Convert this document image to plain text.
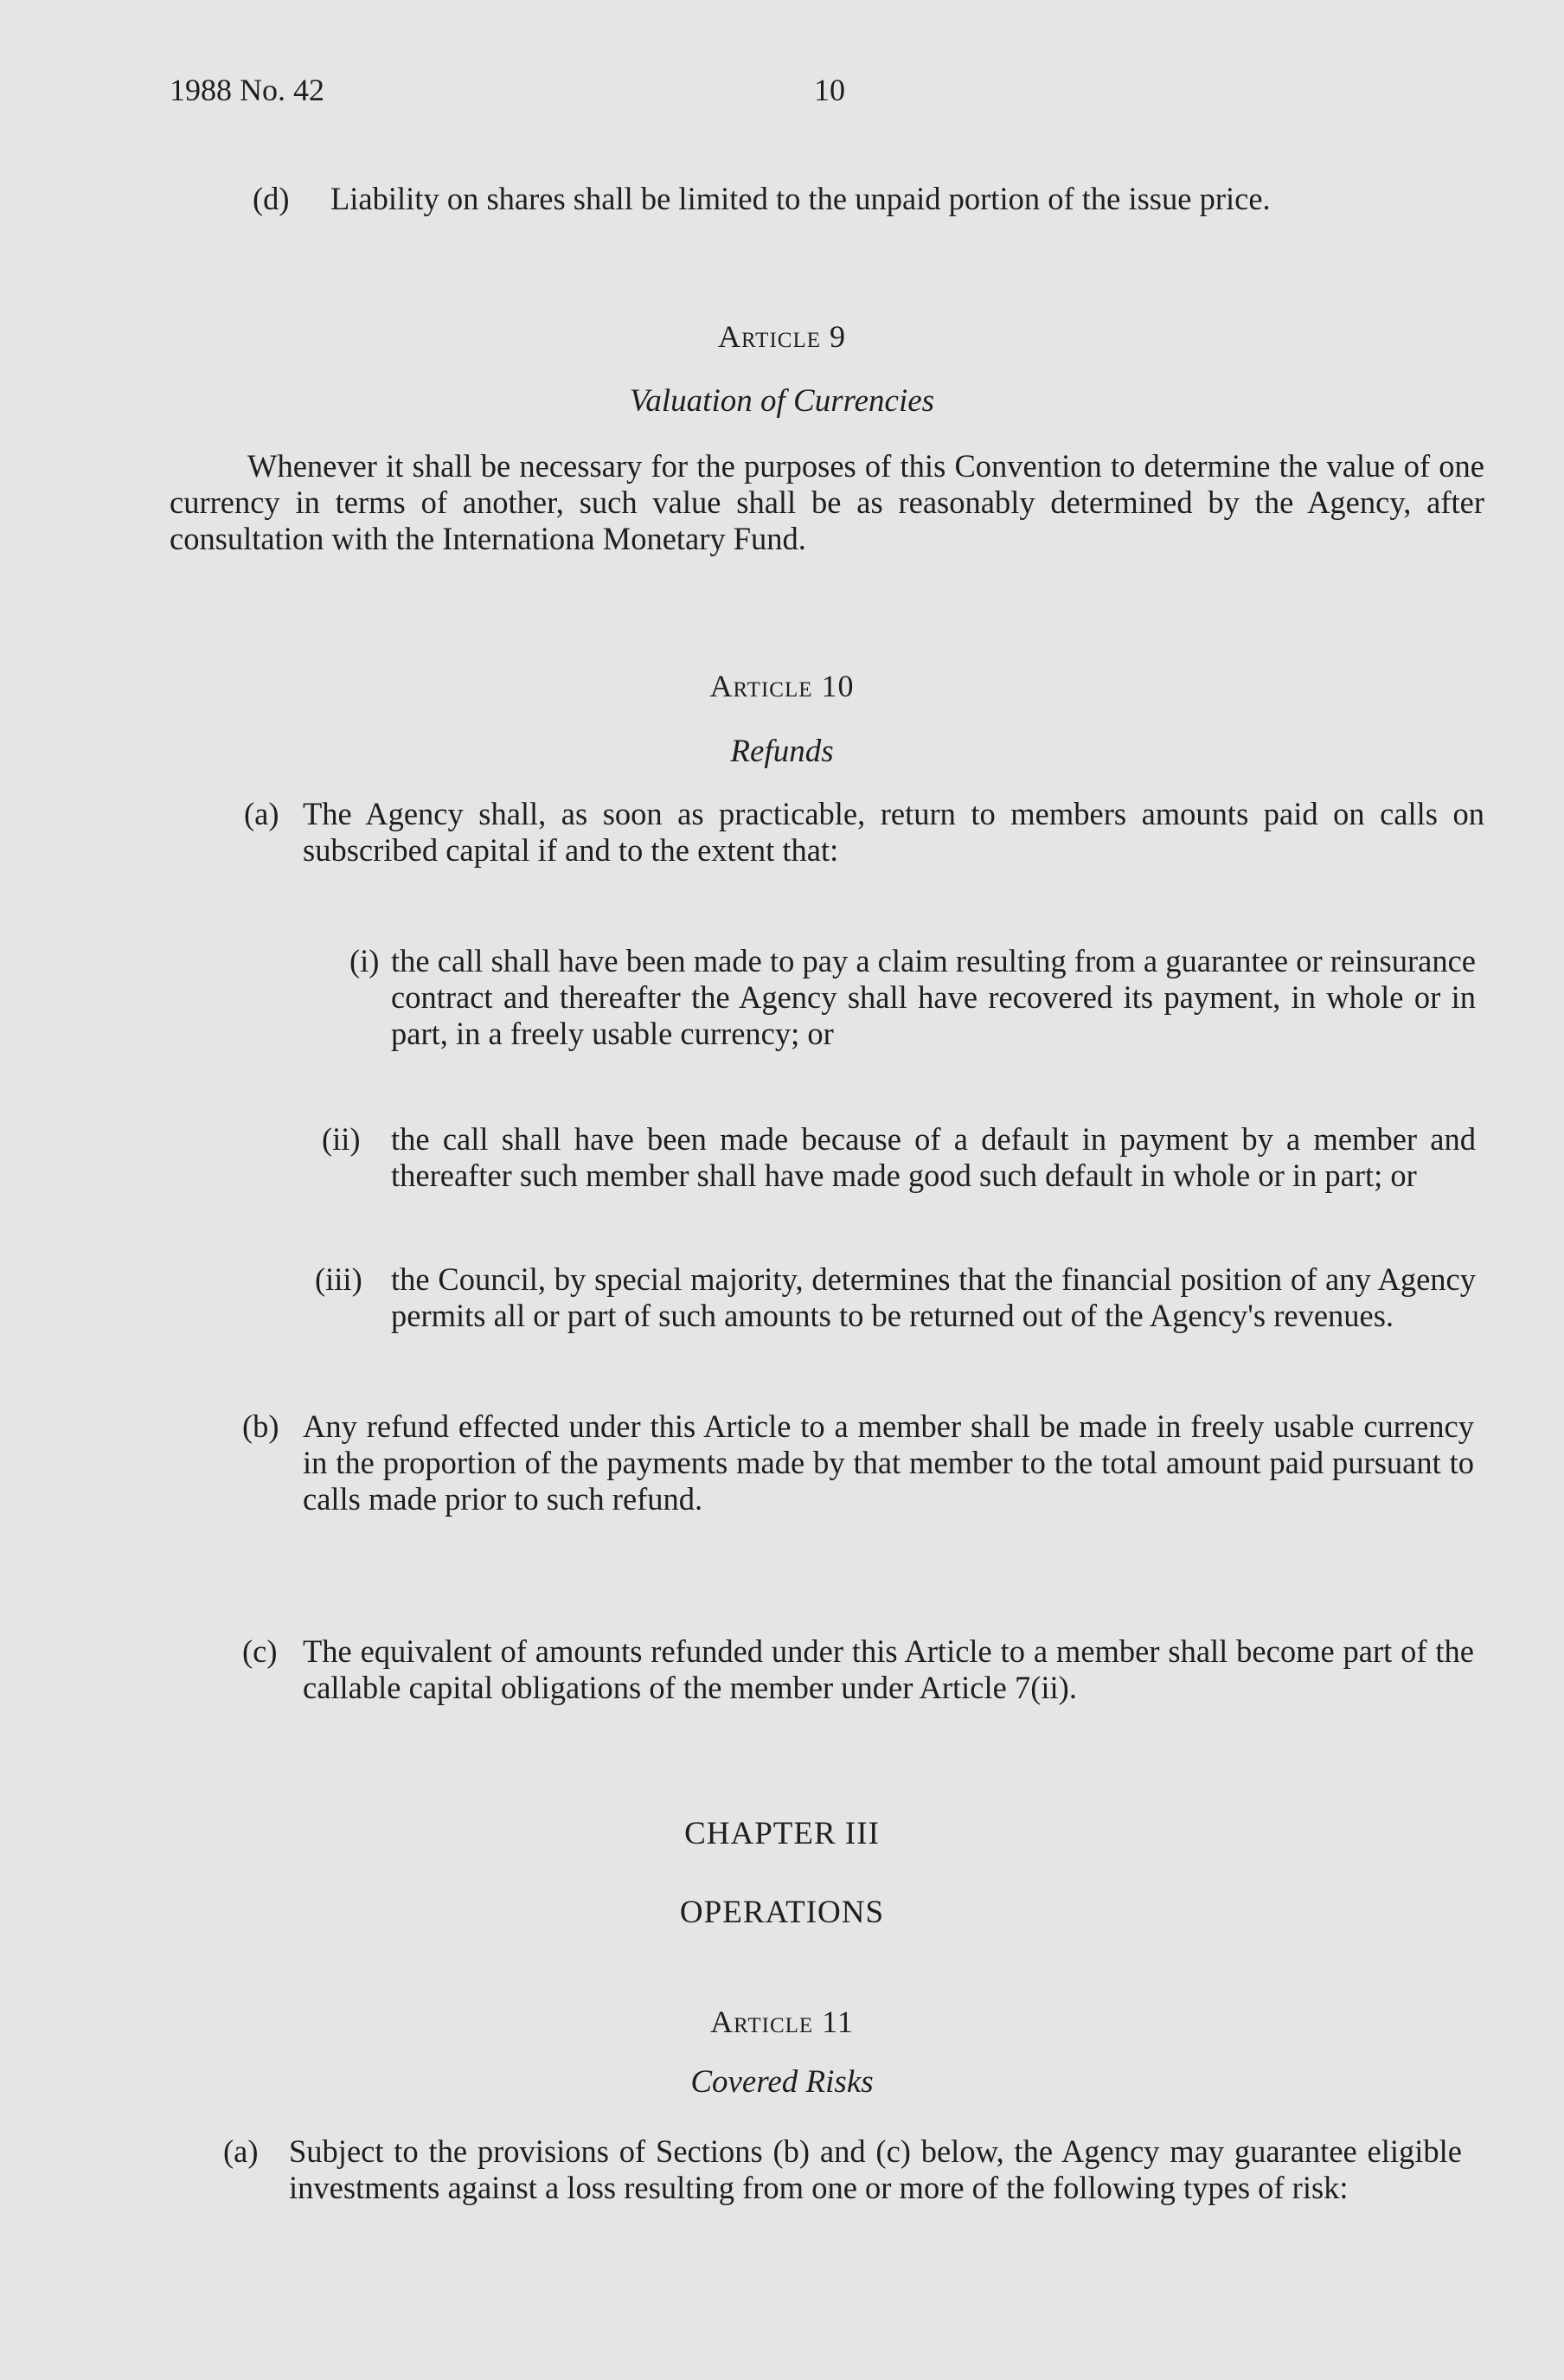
1988 No. 42	10
(d) Liability on shares shall be limited to the unpaid portion of the issue price.

Article 9
Valuation of Currencies

Whenever it shall be necessary for the purposes of this Convention to determine the value of one currency in terms of another, such value shall be as reasonably determined by the Agency, after consultation with the Internationa Monetary Fund.

Article 10
Refunds
(a) The Agency shall, as soon as practicable, return to members amounts paid on calls on subscribed capital if and to the extent that:

(i) the call shall have been made to pay a claim resulting from a guarantee or reinsurance contract and thereafter the Agency shall have recovered its payment, in whole or in part, in a freely usable currency; or

(ii) the call shall have been made because of a default in payment by a member and thereafter such member shall have made good such default in whole or in part; or

(iii) the Council, by special majority, determines that the financial position of any Agency permits all or part of such amounts to be returned out of the Agency's revenues.

(b) Any refund effected under this Article to a member shall be made in freely usable currency in the proportion of the payments made by that member to the total amount paid pursuant to calls made prior to such refund.

(c) The equivalent of amounts refunded under this Article to a member shall become part of the callable capital obligations of the member under Article 7(ii).

CHAPTER III
OPERATIONS
Article 11
Covered Risks
(a) Subject to the provisions of Sections (b) and (c) below, the Agency may guarantee eligible investments against a loss resulting from one or more of the following types of risk:
